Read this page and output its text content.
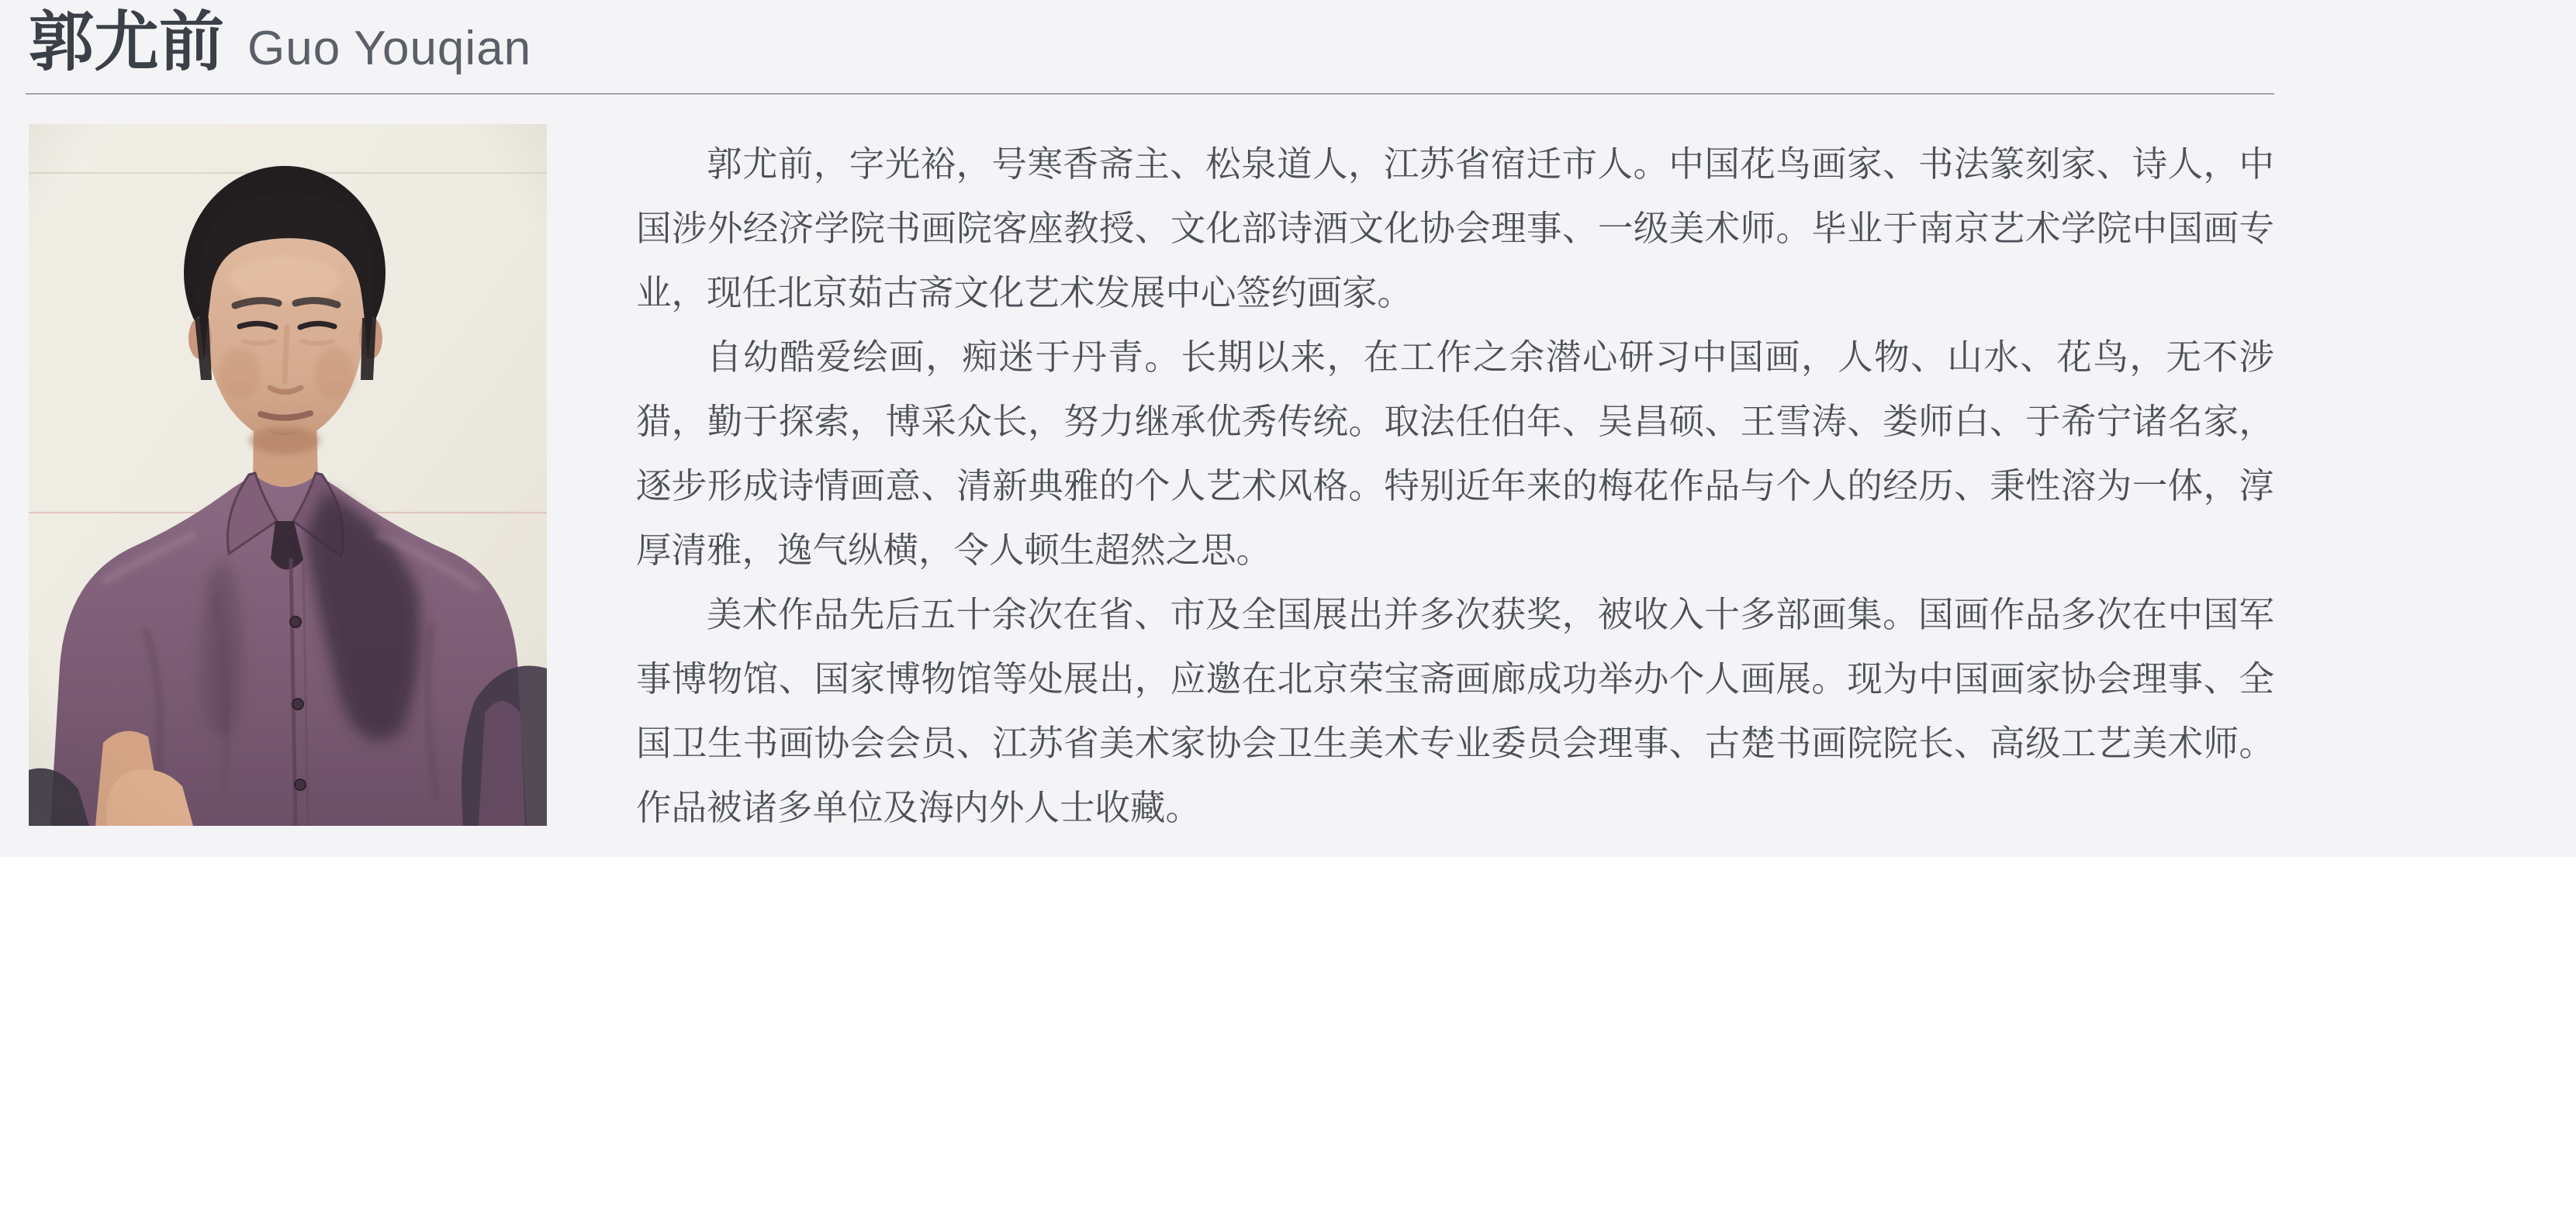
郭尤前 Guo Youqian

郭尤前，字光裕，号寒香斋主、松泉道人，江苏省宿迁市人。中国花鸟画家、书法篆刻家、诗人，中国涉外经济学院书画院客座教授、文化部诗酒文化协会理事、一级美术师。毕业于南京艺术学院中国画专业，现任北京茹古斋文化艺术发展中心签约画家。

自幼酷爱绘画，痴迷于丹青。长期以来，在工作之余潜心研习中国画，人物、山水、花鸟，无不涉猎，勤于探索，博采众长，努力继承优秀传统。取法任伯年、吴昌硕、王雪涛、娄师白、于希宁诸名家，逐步形成诗情画意、清新典雅的个人艺术风格。特别近年来的梅花作品与个人的经历、秉性溶为一体，淳厚清雅，逸气纵横，令人顿生超然之思。

美术作品先后五十余次在省、市及全国展出并多次获奖，被收入十多部画集。国画作品多次在中国军事博物馆、国家博物馆等处展出，应邀在北京荣宝斋画廊成功举办个人画展。现为中国画家协会理事、全国卫生书画协会会员、江苏省美术家协会卫生美术专业委员会理事、古楚书画院院长、高级工艺美术师。作品被诸多单位及海内外人士收藏。
